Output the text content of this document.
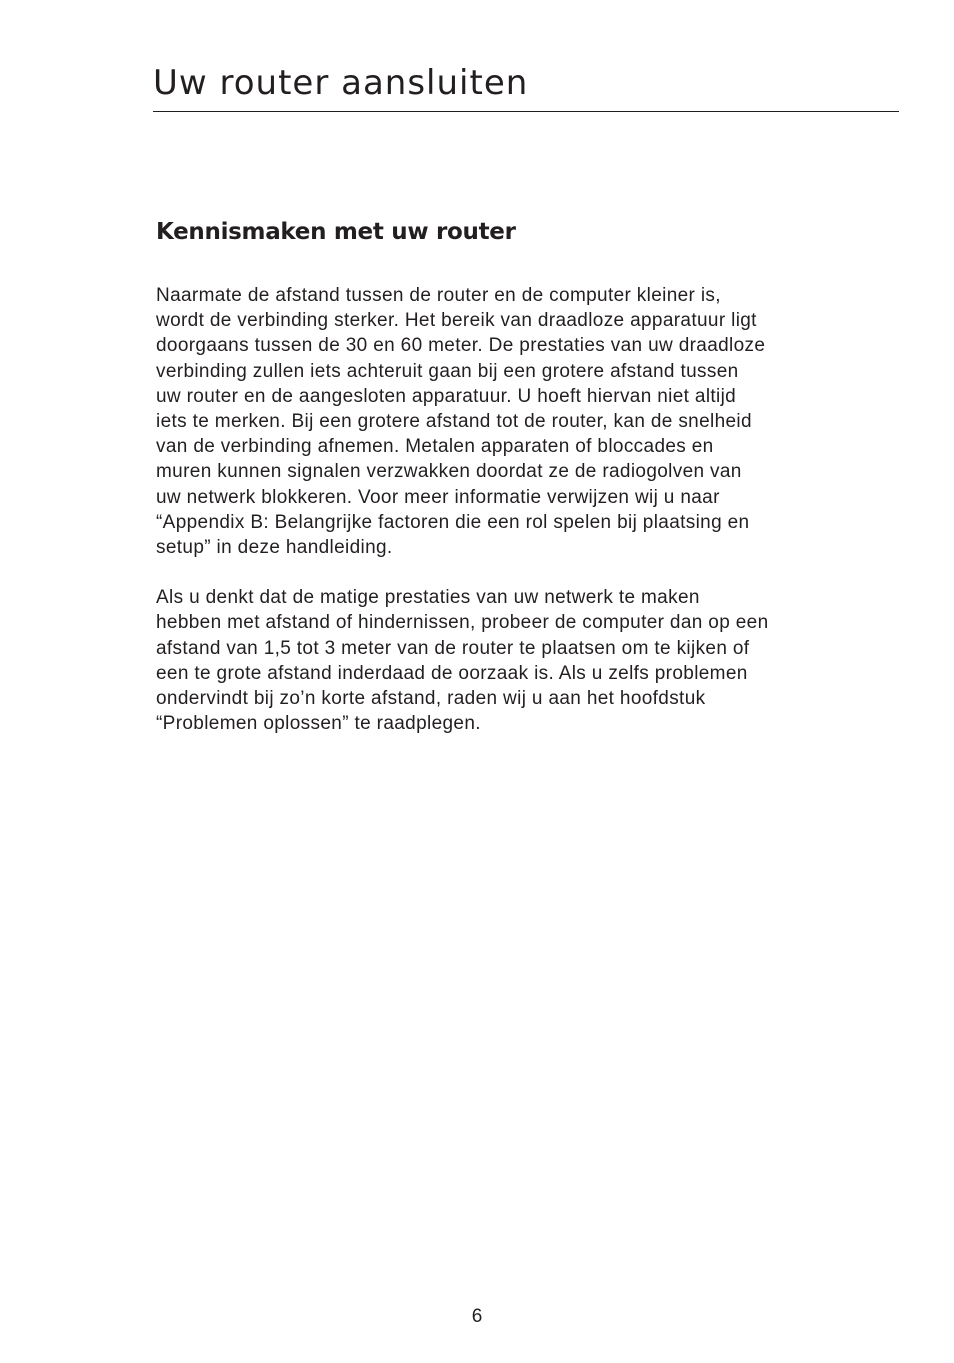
Uw router aansluiten
Kennismaken met uw router

Naarmate de afstand tussen de router en de computer kleiner is,
wordt de verbinding sterker. Het bereik van draadloze apparatuur ligt
doorgaans tussen de 30 en 60 meter. De prestaties van uw draadloze
verbinding zullen iets achteruit gaan bij een grotere afstand tussen
uw router en de aangesloten apparatuur. U hoeft hiervan niet altijd
iets te merken. Bij een grotere afstand tot de router, kan de snelheid
van de verbinding afnemen. Metalen apparaten of bloccades en
muren kunnen signalen verzwakken doordat ze de radiogolven van
uw netwerk blokkeren. Voor meer informatie verwijzen wij u naar
“Appendix B: Belangrijke factoren die een rol spelen bij plaatsing en
setup” in deze handleiding.

Als u denkt dat de matige prestaties van uw netwerk te maken
hebben met afstand of hindernissen, probeer de computer dan op een
afstand van 1,5 tot 3 meter van de router te plaatsen om te kijken of
een te grote afstand inderdaad de oorzaak is. Als u zelfs problemen
ondervindt bij zo’n korte afstand, raden wij u aan het hoofdstuk
“Problemen oplossen” te raadplegen.

6
